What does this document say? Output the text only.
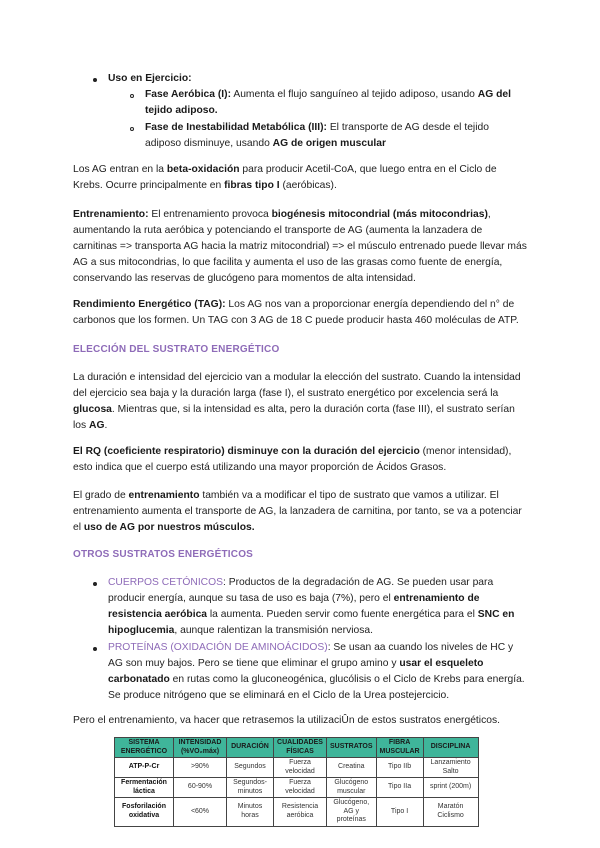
Uso en Ejercicio:

Fase Aeróbica (I): Aumenta el flujo sanguíneo al tejido adiposo, usando AG del tejido adiposo.

Fase de Inestabilidad Metabólica (III): El transporte de AG desde el tejido adiposo disminuye, usando AG de origen muscular

Los AG entran en la beta-oxidación para producir Acetil-CoA, que luego entra en el Ciclo de Krebs. Ocurre principalmente en fibras tipo I (aeróbicas).

Entrenamiento: El entrenamiento provoca biogénesis mitocondrial (más mitocondrias), aumentando la ruta aeróbica y potenciando el transporte de AG (aumenta la lanzadera de carnitinas => transporta AG hacia la matriz mitocondrial) => el músculo entrenado puede llevar más AG a sus mitocondrias, lo que facilita y aumenta el uso de las grasas como fuente de energía, conservando las reservas de glucógeno para momentos de alta intensidad.

Rendimiento Energético (TAG): Los AG nos van a proporcionar energía dependiendo del n° de carbonos que los formen. Un TAG con 3 AG de 18 C puede producir hasta 460 moléculas de ATP.

ELECCIÓN DEL SUSTRATO ENERGÉTICO

La duración e intensidad del ejercicio van a modular la elección del sustrato. Cuando la intensidad del ejercicio sea baja y la duración larga (fase I), el sustrato energético por excelencia será la glucosa. Mientras que, si la intensidad es alta, pero la duración corta (fase III), el sustrato serían los AG.

El RQ (coeficiente respiratorio) disminuye con la duración del ejercicio (menor intensidad), esto indica que el cuerpo está utilizando una mayor proporción de Ácidos Grasos.

El grado de entrenamiento también va a modificar el tipo de sustrato que vamos a utilizar. El entrenamiento aumenta el transporte de AG, la lanzadera de carnitina, por tanto, se va a potenciar el uso de AG por nuestros músculos.

OTROS SUSTRATOS ENERGÉTICOS

CUERPOS CETÓNICOS: Productos de la degradación de AG. Se pueden usar para producir energía, aunque su tasa de uso es baja (7%), pero el entrenamiento de resistencia aeróbica la aumenta. Pueden servir como fuente energética para el SNC en hipoglucemia, aunque ralentizan la transmisión nerviosa.

PROTEÍNAS (OXIDACIÓN DE AMINOÁCIDOS): Se usan aa cuando los niveles de HC y AG son muy bajos. Pero se tiene que eliminar el grupo amino y usar el esqueleto carbonatado en rutas como la gluconeogénica, glucólisis o el Ciclo de Krebs para energía. Se produce nitrógeno que se eliminará en el Ciclo de la Urea postejercicio.

Pero el entrenamiento, va hacer que retrasemos la utilizaciÛn de estos sustratos energéticos.

SISTEMA ENERGÉTICO	INTENSIDAD (%VO₂máx)	DURACIÓN	CUALIDADES FÍSICAS	SUSTRATOS	FIBRA MUSCULAR	DISCIPLINA
ATP-P-Cr	>90%	Segundos	Fuerza velocidad	Creatina	Tipo IIb	Lanzamiento Salto
Fermentación láctica	60-90%	Segundos-minutos	Fuerza velocidad	Glucógeno muscular	Tipo IIa	sprint (200m)
Fosforilación oxidativa	<60%	Minutos horas	Resistencia aeróbica	Glucógeno, AG y proteínas	Tipo I	Maratón Ciclismo
